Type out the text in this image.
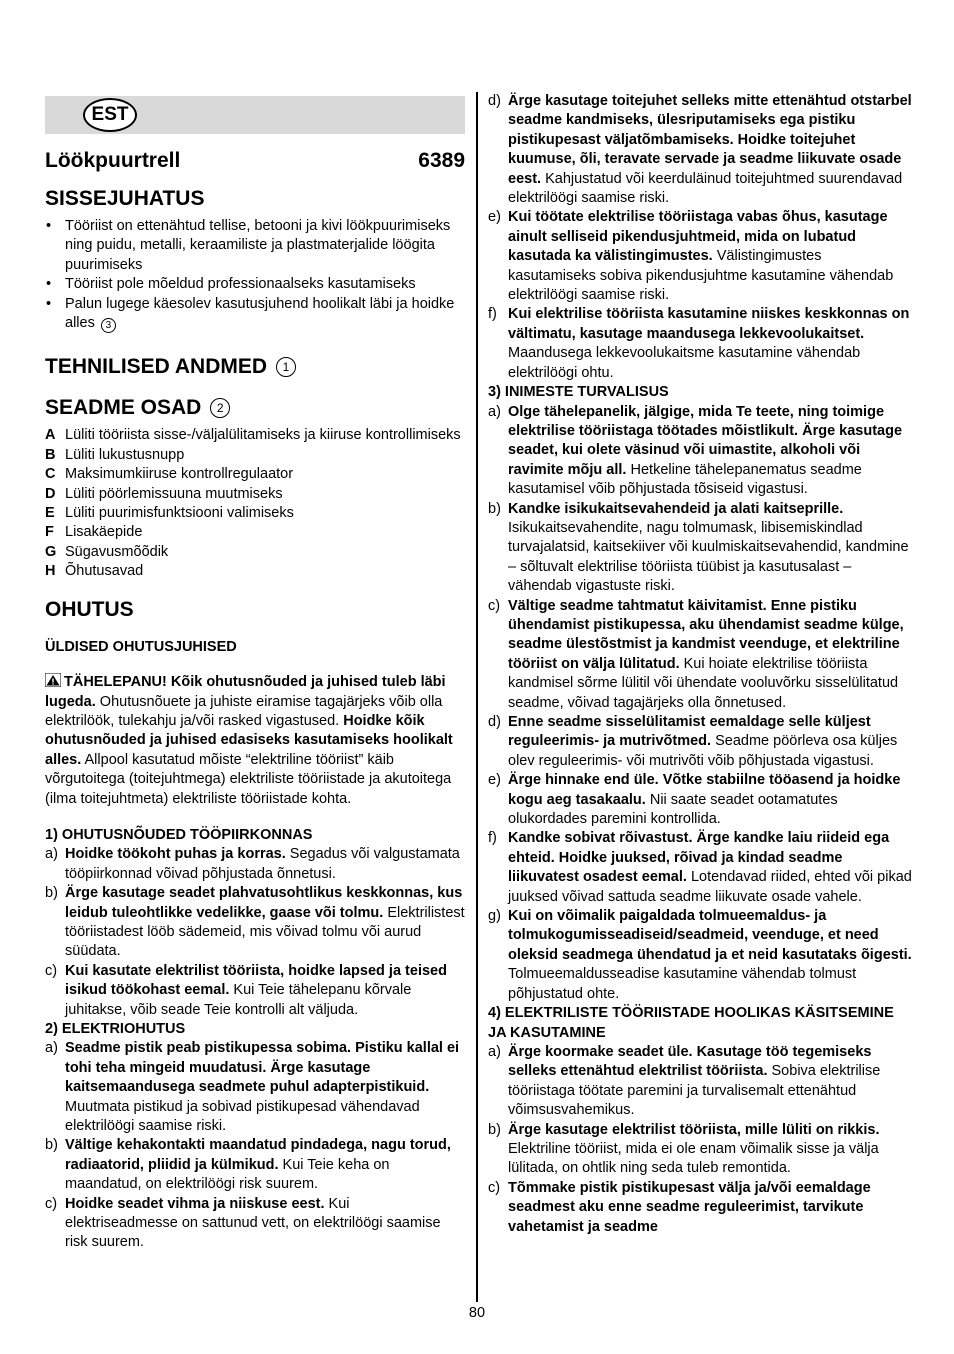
EST
Löökpuurtrell	6389
SISSEJUHATUS
• Tööriist on ettenähtud tellise, betooni ja kivi löökpuurimiseks ning puidu, metalli, keraamiliste ja plastmaterjalide löögita puurimiseks
• Tööriist pole mõeldud professionaalseks kasutamiseks
• Palun lugege käesolev kasutusjuhend hoolikalt läbi ja hoidke alles 3
TEHNILISED ANDMED 1
SEADME OSAD 2
A Lüliti tööriista sisse-/väljalülitamiseks ja kiiruse kontrollimiseks
B Lüliti lukustusnupp
C Maksimumkiiruse kontrollregulaator
D Lüliti pöörlemissuuna muutmiseks
E Lüliti puurimisfunktsiooni valimiseks
F Lisakäepide
G Sügavusmõõdik
H Õhutusavad
OHUTUS
ÜLDISED OHUTUSJUHISED
TÄHELEPANU! Kõik ohutusnõuded ja juhised tuleb läbi lugeda. Ohutusnõuete ja juhiste eiramise tagajärjeks võib olla elektrilöök, tulekahju ja/või rasked vigastused. Hoidke kõik ohutusnõuded ja juhised edasiseks kasutamiseks hoolikalt alles. Allpool kasutatud mõiste “elektriline tööriist” käib võrgutoitega (toitejuhtmega) elektriliste tööriistade ja akutoitega (ilma toitejuhtmeta) elektriliste tööriistade kohta.
1) OHUTUSNÕUDED TÖÖPIIRKONNAS
a) Hoidke töökoht puhas ja korras. Segadus või valgustamata tööpiirkonnad võivad põhjustada õnnetusi.
b) Ärge kasutage seadet plahvatusohtlikus keskkonnas, kus leidub tuleohtlikke vedelikke, gaase või tolmu. Elektrilistest tööriistadest lööb sädemeid, mis võivad tolmu või aurud süüdata.
c) Kui kasutate elektrilist tööriista, hoidke lapsed ja teised isikud töökohast eemal. Kui Teie tähelepanu kõrvale juhitakse, võib seade Teie kontrolli alt väljuda.
2) ELEKTRIOHUTUS
a) Seadme pistik peab pistikupessa sobima. Pistiku kallal ei tohi teha mingeid muudatusi. Ärge kasutage kaitsemaandusega seadmete puhul adapterpistikuid. Muutmata pistikud ja sobivad pistikupesad vähendavad elektrilöögi saamise riski.
b) Vältige kehakontakti maandatud pindadega, nagu torud, radiaatorid, pliidid ja külmikud. Kui Teie keha on maandatud, on elektrilöögi risk suurem.
c) Hoidke seadet vihma ja niiskuse eest. Kui elektriseadmesse on sattunud vett, on elektrilöögi saamise risk suurem.
d) Ärge kasutage toitejuhet selleks mitte ettenähtud otstarbel seadme kandmiseks, ülesriputamiseks ega pistiku pistikupesast väljatõmbamiseks. Hoidke toitejuhet kuumuse, õli, teravate servade ja seadme liikuvate osade eest. Kahjustatud või keerduläinud toitejuhtmed suurendavad elektrilöögi saamise riski.
e) Kui töötate elektrilise tööriistaga vabas õhus, kasutage ainult selliseid pikendusjuhtmeid, mida on lubatud kasutada ka välistingimustes. Välistingimustes kasutamiseks sobiva pikendusjuhtme kasutamine vähendab elektrilöögi saamise riski.
f) Kui elektrilise tööriista kasutamine niiskes keskkonnas on vältimatu, kasutage maandusega lekkevoolukaitset. Maandusega lekkevoolukaitsme kasutamine vähendab elektrilöögi ohtu.
3) INIMESTE TURVALISUS
a) Olge tähelepanelik, jälgige, mida Te teete, ning toimige elektrilise tööriistaga töötades mõistlikult. Ärge kasutage seadet, kui olete väsinud või uimastite, alkoholi või ravimite mõju all. Hetkeline tähelepanematus seadme kasutamisel võib põhjustada tõsiseid vigastusi.
b) Kandke isikukaitsevahendeid ja alati kaitseprille. Isikukaitsevahendite, nagu tolmumask, libisemiskindlad turvajalatsid, kaitsekiiver või kuulmiskaitsevahendid, kandmine – sõltuvalt elektrilise tööriista tüübist ja kasutusalast – vähendab vigastuste riski.
c) Vältige seadme tahtmatut käivitamist. Enne pistiku ühendamist pistikupessa, aku ühendamist seadme külge, seadme ülestõstmist ja kandmist veenduge, et elektriline tööriist on välja lülitatud. Kui hoiate elektrilise tööriista kandmisel sõrme lülitil või ühendate vooluvõrku sisselülitatud seadme, võivad tagajärjeks olla õnnetused.
d) Enne seadme sisselülitamist eemaldage selle küljest reguleerimis- ja mutrivõtmed. Seadme pöörleva osa küljes olev reguleerimis- või mutrivõti võib põhjustada vigastusi.
e) Ärge hinnake end üle. Võtke stabiilne tööasend ja hoidke kogu aeg tasakaalu. Nii saate seadet ootamatutes olukordades paremini kontrollida.
f) Kandke sobivat rõivastust. Ärge kandke laiu riideid ega ehteid. Hoidke juuksed, rõivad ja kindad seadme liikuvatest osadest eemal. Lotendavad riided, ehted või pikad juuksed võivad sattuda seadme liikuvate osade vahele.
g) Kui on võimalik paigaldada tolmueemaldus- ja tolmukogumisseadiseid/seadmeid, veenduge, et need oleksid seadmega ühendatud ja et neid kasutataks õigesti. Tolmueemaldusseadise kasutamine vähendab tolmust põhjustatud ohte.
4) ELEKTRILISTE TÖÖRIISTADE HOOLIKAS KÄSITSEMINE JA KASUTAMINE
a) Ärge koormake seadet üle. Kasutage töö tegemiseks selleks ettenähtud elektrilist tööriista. Sobiva elektrilise tööriistaga töötate paremini ja turvalisemalt ettenähtud võimsusvahemikus.
b) Ärge kasutage elektrilist tööriista, mille lüliti on rikkis. Elektriline tööriist, mida ei ole enam võimalik sisse ja välja lülitada, on ohtlik ning seda tuleb remontida.
c) Tõmmake pistik pistikupesast välja ja/või eemaldage seadmest aku enne seadme reguleerimist, tarvikute vahetamist ja seadme
80
